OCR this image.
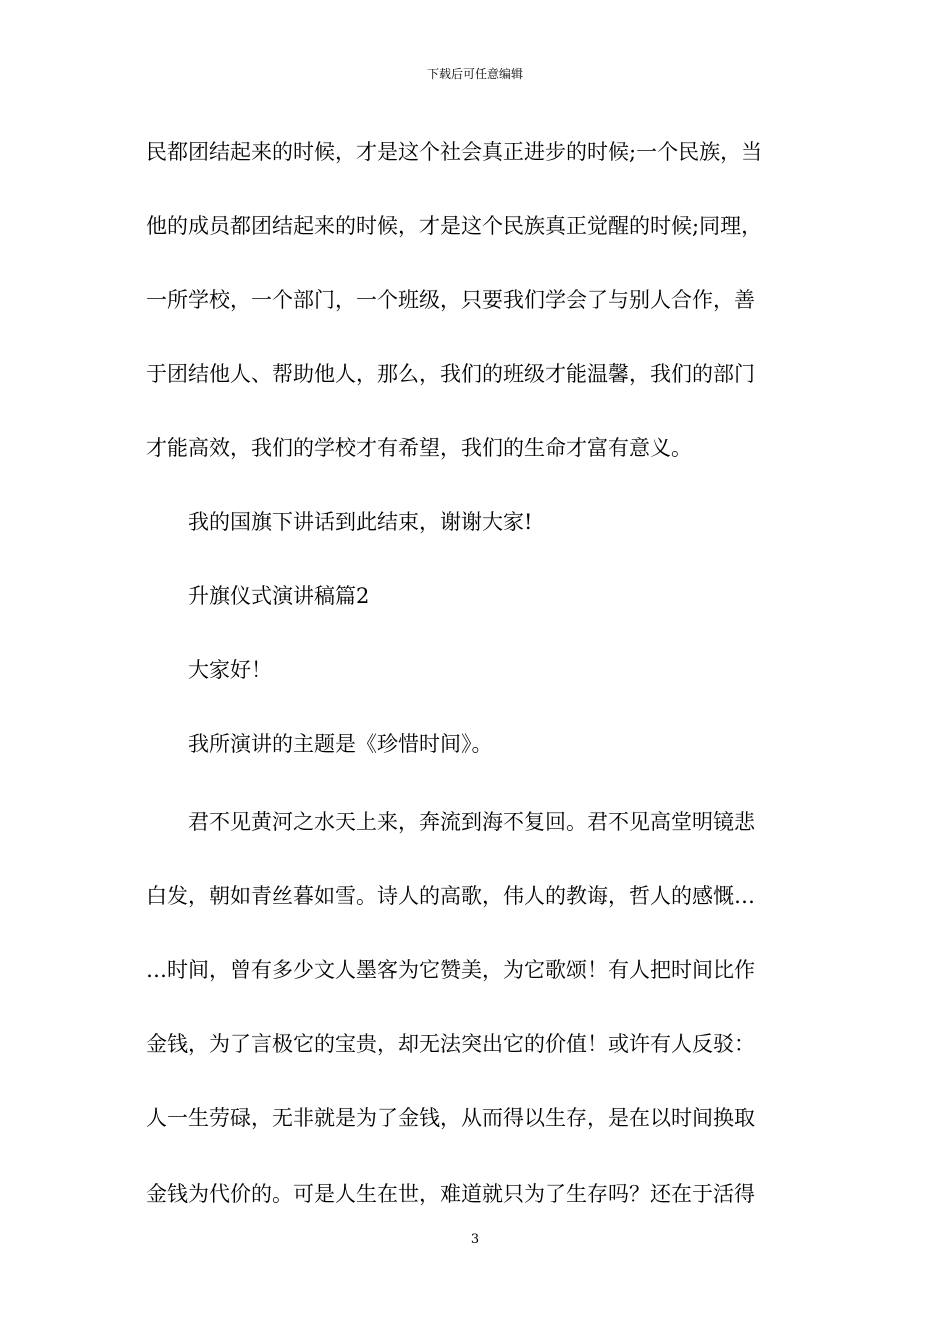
下载后可任意编辑
民都团结起来的时候，才是这个社会真正进步的时候;一个民族，当
他的成员都团结起来的时候，才是这个民族真正觉醒的时候;同理，
一所学校，一个部门，一个班级，只要我们学会了与别人合作，善
于团结他人、帮助他人，那么，我们的班级才能温馨，我们的部门
才能高效，我们的学校才有希望，我们的生命才富有意义。
我的国旗下讲话到此结束，谢谢大家!
升旗仪式演讲稿篇2
大家好！
我所演讲的主题是《珍惜时间》。
君不见黄河之水天上来，奔流到海不复回。君不见高堂明镜悲
白发，朝如青丝暮如雪。诗人的高歌，伟人的教诲，哲人的感慨…
…时间，曾有多少文人墨客为它赞美，为它歌颂！有人把时间比作
金钱，为了言极它的宝贵，却无法突出它的价值！或许有人反驳：
人一生劳碌，无非就是为了金钱，从而得以生存，是在以时间换取
金钱为代价的。可是人生在世，难道就只为了生存吗？还在于活得
3
